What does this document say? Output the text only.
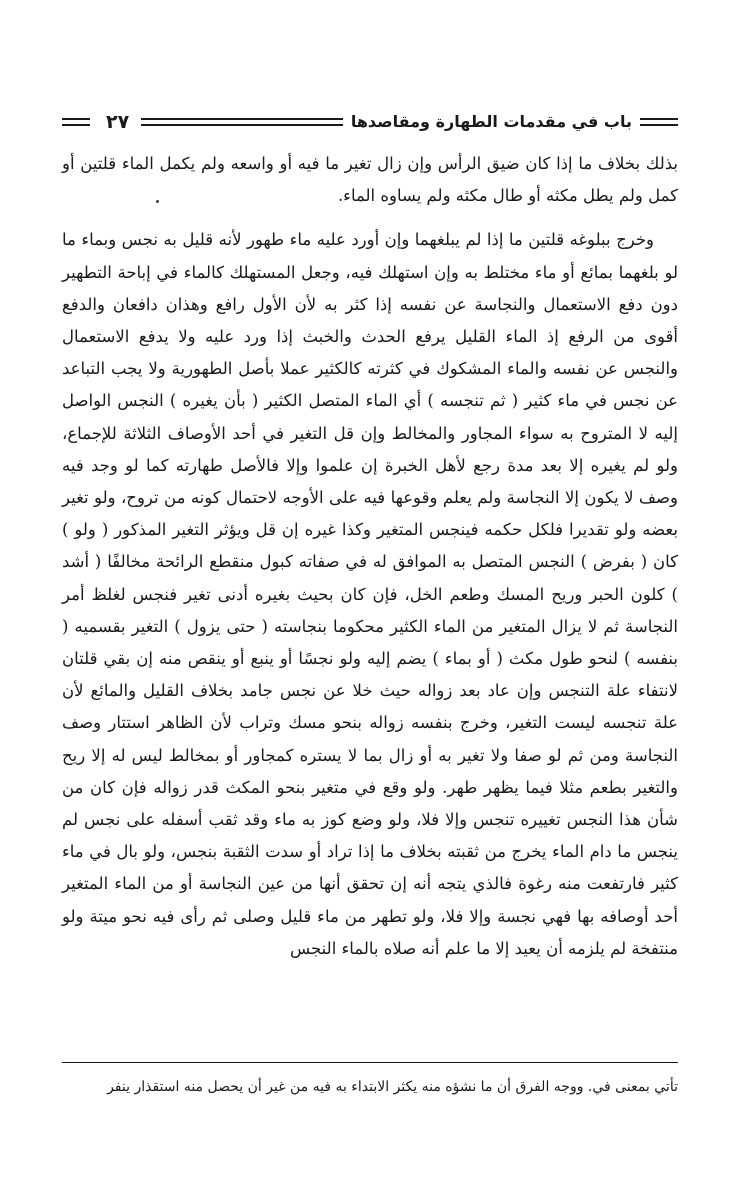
٢٧	باب في مقدمات الطهارة ومقاصدها

بذلك بخلاف ما إذا كان ضيق الرأس وإن زال تغير ما فيه أو واسعه ولم يكمل الماء قلتين أو كمل ولم يطل مكثه أو طال مكثه ولم يساوه الماء.

وخرج ببلوغه قلتين ما إذا لم يبلغهما وإن أورد عليه ماء طهور لأنه قليل به نجس وبماء ما لو بلغهما بمائع أو ماء مختلط به وإن استهلك فيه، وجعل المستهلك كالماء في إباحة التطهير دون دفع الاستعمال والنجاسة عن نفسه إذا كثر به لأن الأول رافع وهذان دافعان والدفع أقوى من الرفع إذ الماء القليل يرفع الحدث والخبث إذا ورد عليه ولا يدفع الاستعمال والنجس عن نفسه والماء المشكوك في كثرته كالكثير عملا بأصل الطهورية ولا يجب التباعد عن نجس في ماء كثير ( ثم تنجسه ) أي الماء المتصل الكثير ( بأن يغيره ) النجس الواصل إليه لا المتروح به سواء المجاور والمخالط وإن قل التغير في أحد الأوصاف الثلاثة للإجماع، ولو لم يغيره إلا بعد مدة رجع لأهل الخبرة إن علموا وإلا فالأصل طهارته كما لو وجد فيه وصف لا يكون إلا النجاسة ولم يعلم وقوعها فيه على الأوجه لاحتمال كونه من تروح، ولو تغير بعضه ولو تقديرا فلكل حكمه فينجس المتغير وكذا غيره إن قل ويؤثر التغير المذكور ( ولو ) كان ( بفرض ) النجس المتصل به الموافق له في صفاته كبول منقطع الرائحة مخالفًا ( أشد ) كلون الحبر وريح المسك وطعم الخل، فإن كان بحيث بغيره أدنى تغير فنجس لغلظ أمر النجاسة ثم لا يزال المتغير من الماء الكثير محكوما بنجاسته ( حتى يزول ) التغير بقسميه ( بنفسه ) لنحو طول مكث ( أو بماء ) يضم إليه ولو نجسًا أو ينبع أو ينقص منه إن بقي قلتان لانتفاء علة التنجس وإن عاد بعد زواله حيث خلا عن نجس جامد بخلاف القليل والمائع لأن علة تنجسه ليست التغير، وخرج بنفسه زواله بنحو مسك وتراب لأن الظاهر استتار وصف النجاسة ومن ثم لو صفا ولا تغير به أو زال بما لا يستره كمجاور أو بمخالط ليس له إلا ريح والتغير بطعم مثلا فيما يظهر طهر. ولو وقع في متغير بنحو المكث قدر زواله فإن كان من شأن هذا النجس تغييره تنجس وإلا فلا، ولو وضع كوز به ماء وقد ثقب أسفله على نجس لم ينجس ما دام الماء يخرج من ثقبته بخلاف ما إذا تراد أو سدت الثقبة بنجس، ولو بال في ماء كثير فارتفعت منه رغوة فالذي يتجه أنه إن تحقق أنها من عين النجاسة أو من الماء المتغير أحد أوصافه بها فهي نجسة وإلا فلا، ولو تطهر من ماء قليل وصلى ثم رأى فيه نحو ميتة ولو منتفخة لم يلزمه أن يعيد إلا ما علم أنه صلاه بالماء النجس

تأتي بمعنى في. ووجه الفرق أن ما نشؤه منه يكثر الابتداء به فيه من غير أن يحصل منه استقذار ينفر
